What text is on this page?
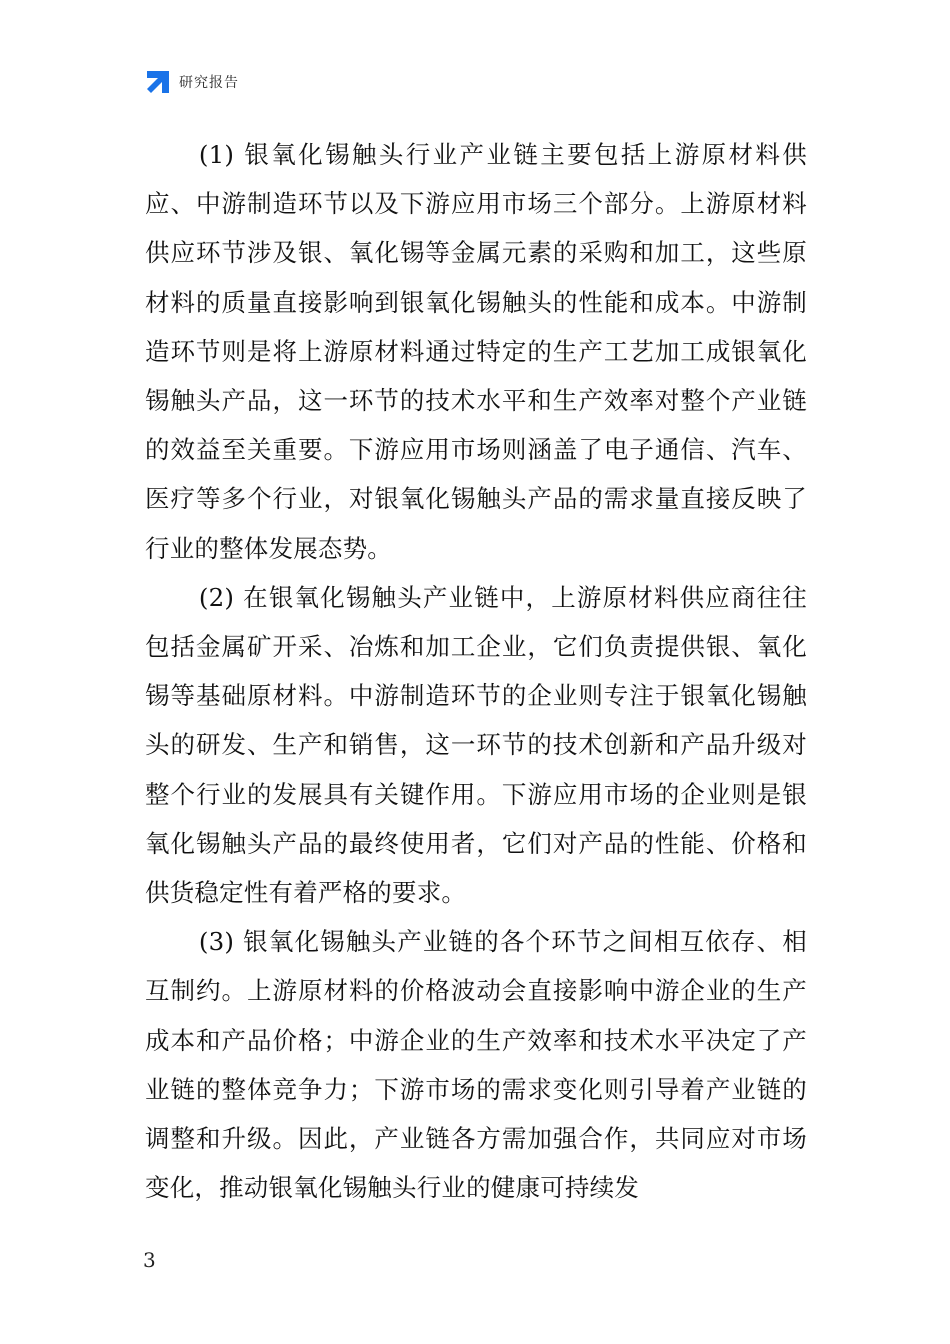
研究报告

(1) 银氧化锡触头行业产业链主要包括上游原材料供应、中游制造环节以及下游应用市场三个部分。上游原材料供应环节涉及银、氧化锡等金属元素的采购和加工，这些原材料的质量直接影响到银氧化锡触头的性能和成本。中游制造环节则是将上游原材料通过特定的生产工艺加工成银氧化锡触头产品，这一环节的技术水平和生产效率对整个产业链的效益至关重要。下游应用市场则涵盖了电子通信、汽车、医疗等多个行业，对银氧化锡触头产品的需求量直接反映了行业的整体发展态势。

(2) 在银氧化锡触头产业链中，上游原材料供应商往往包括金属矿开采、冶炼和加工企业，它们负责提供银、氧化锡等基础原材料。中游制造环节的企业则专注于银氧化锡触头的研发、生产和销售，这一环节的技术创新和产品升级对整个行业的发展具有关键作用。下游应用市场的企业则是银氧化锡触头产品的最终使用者，它们对产品的性能、价格和供货稳定性有着严格的要求。

(3) 银氧化锡触头产业链的各个环节之间相互依存、相互制约。上游原材料的价格波动会直接影响中游企业的生产成本和产品价格；中游企业的生产效率和技术水平决定了产业链的整体竞争力；下游市场的需求变化则引导着产业链的调整和升级。因此，产业链各方需加强合作，共同应对市场变化，推动银氧化锡触头行业的健康可持续发

3
